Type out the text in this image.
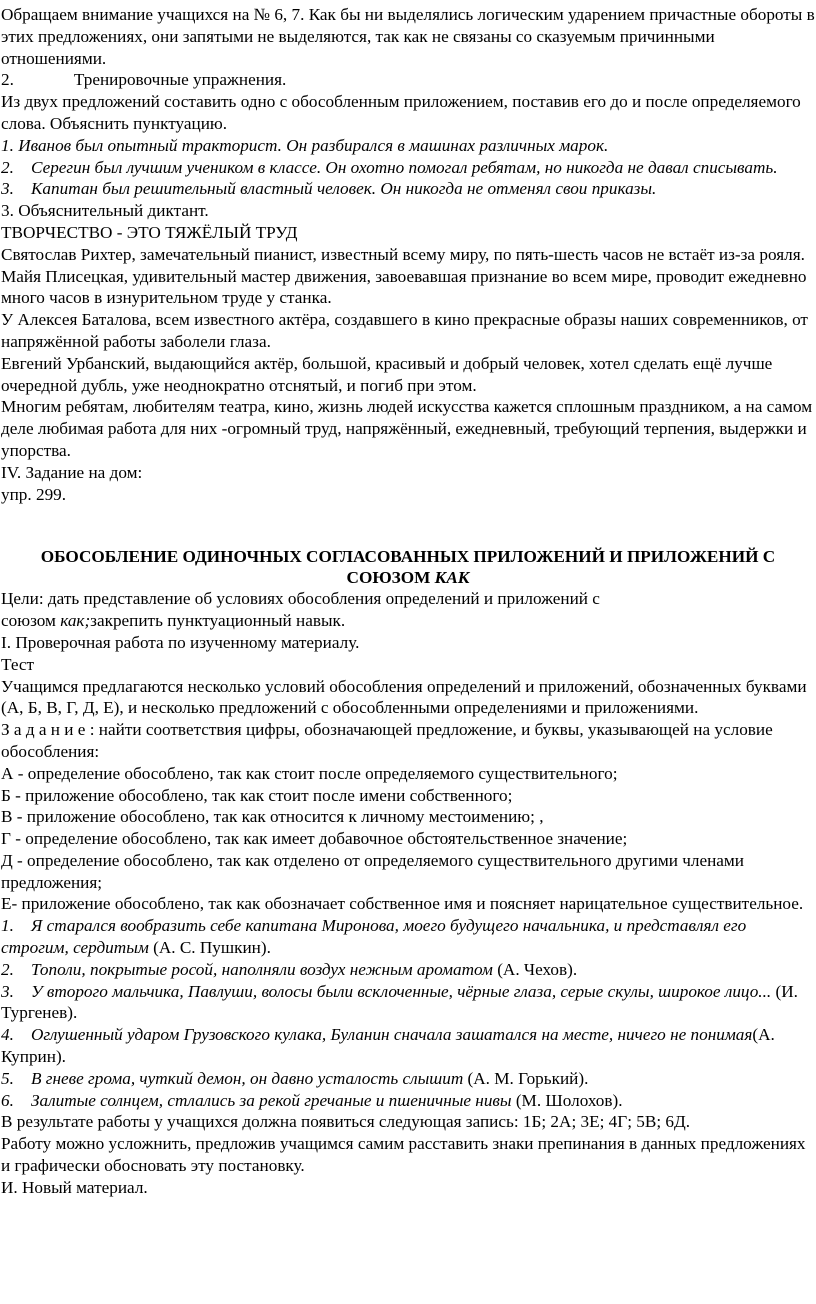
Обращаем внимание учащихся на № 6, 7. Как бы ни выделялись логическим ударением причастные обороты в этих предложениях, они запятыми не выделяются, так как не связаны со сказуемым причинными отношениями.

2.	Тренировочные упражнения.

Из двух предложений составить одно с обособленным приложением, поставив его до и после определяемого слова. Объяснить пунктуацию.

1. Иванов был опытный тракторист. Он разбирался в машинах различных марок.

2. Серегин был лучшим учеником в классе. Он охотно помогал ребятам, но никогда не давал списывать.

3. Капитан был решительный властный человек. Он никогда не отменял свои приказы.

3. Объяснительный диктант.

ТВОРЧЕСТВО - ЭТО ТЯЖЁЛЫЙ ТРУД

Святослав Рихтер, замечательный пианист, известный всему миру, по пять-шесть часов не встаёт из-за рояля.

Майя Плисецкая, удивительный мастер движения, завоевавшая признание во всем мире, проводит ежедневно много часов в изнурительном труде у станка.

У Алексея Баталова, всем известного актёра, создавшего в кино прекрасные образы наших современников, от напряжённой работы заболели глаза.

Евгений Урбанский, выдающийся актёр, большой, красивый и добрый человек, хотел сделать ещё лучше очередной дубль, уже неоднократно отснятый, и погиб при этом.

Многим ребятам, любителям театра, кино, жизнь людей искусства кажется сплошным праздником, а на самом деле любимая работа для них -огромный труд, напряжённый, ежедневный, требующий терпения, выдержки и упорства.

IV. Задание на дом:

упр. 299.

ОБОСОБЛЕНИЕ ОДИНОЧНЫХ СОГЛАСОВАННЫХ ПРИЛОЖЕНИЙ И ПРИЛОЖЕНИЙ С СОЮЗОМ КАК

Цели: дать представление об условиях обособления определений и приложений с
союзом как;закрепить пунктуационный навык.

I. Проверочная работа по изученному материалу.

Тест

Учащимся предлагаются несколько условий обособления определений и приложений, обозначенных буквами (А, Б, В, Г, Д, Е), и несколько предложений с обособленными определениями и приложениями.

З а д а н и е : найти соответствия цифры, обозначающей предложение, и буквы, указывающей на условие обособления:

А - определение обособлено, так как стоит после определяемого существительного;

Б - приложение обособлено, так как стоит после имени собственного;

В - приложение обособлено, так как относится к личному местоимению; ,

Г - определение обособлено, так как имеет добавочное обстоятельственное значение;

Д - определение обособлено, так как отделено от определяемого существительного другими членами предложения;

Е- приложение обособлено, так как обозначает собственное имя и поясняет нарицательное существительное.

1. Я старался вообразить себе капитана Миронова, моего будущего начальника, и представлял его строгим, сердитым (А. С. Пушкин).

2. Тополи, покрытые росой, наполняли воздух нежным ароматом (А. Чехов).

3. У второго мальчика, Павлуши, волосы были всклоченные, чёрные глаза, серые скулы, широкое лицо... (И. Тургенев).

4. Оглушенный ударом Грузовского кулака, Буланин сначала зашатался на месте, ничего не понимая(А. Куприн).

5. В гневе грома, чуткий демон, он давно усталость слышит (А. М. Горький).

6. Залитые солнцем, стлались за рекой гречаные и пшеничные нивы (М. Шолохов).

В результате работы у учащихся должна появиться следующая запись: 1Б; 2А; 3Е; 4Г; 5В; 6Д.

Работу можно усложнить, предложив учащимся самим расставить знаки препинания в данных предложениях и графически обосновать эту постановку.

И. Новый материал.
